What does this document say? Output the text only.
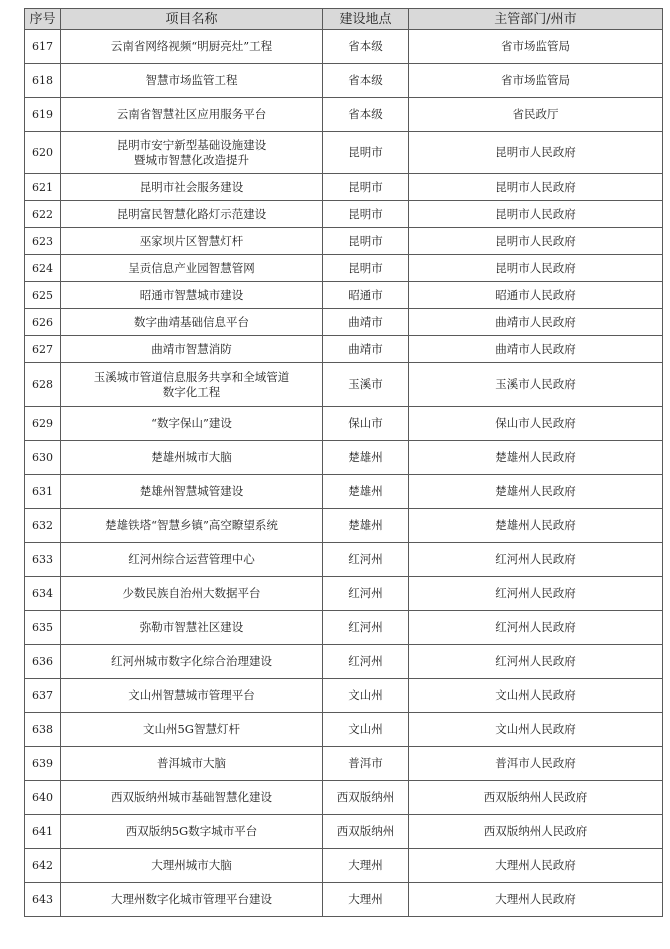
序号	项目名称	建设地点	主管部门/州市
617	云南省网络视频“明厨亮灶”工程	省本级	省市场监管局
618	智慧市场监管工程	省本级	省市场监管局
619	云南省智慧社区应用服务平台	省本级	省民政厅
620	昆明市安宁新型基础设施建设
暨城市智慧化改造提升	昆明市	昆明市人民政府
621	昆明市社会服务建设	昆明市	昆明市人民政府
622	昆明富民智慧化路灯示范建设	昆明市	昆明市人民政府
623	巫家坝片区智慧灯杆	昆明市	昆明市人民政府
624	呈贡信息产业园智慧管网	昆明市	昆明市人民政府
625	昭通市智慧城市建设	昭通市	昭通市人民政府
626	数字曲靖基础信息平台	曲靖市	曲靖市人民政府
627	曲靖市智慧消防	曲靖市	曲靖市人民政府
628	玉溪城市管道信息服务共享和全域管道
数字化工程	玉溪市	玉溪市人民政府
629	“数字保山”建设	保山市	保山市人民政府
630	楚雄州城市大脑	楚雄州	楚雄州人民政府
631	楚雄州智慧城管建设	楚雄州	楚雄州人民政府
632	楚雄铁塔“智慧乡镇”高空瞭望系统	楚雄州	楚雄州人民政府
633	红河州综合运营管理中心	红河州	红河州人民政府
634	少数民族自治州大数据平台	红河州	红河州人民政府
635	弥勒市智慧社区建设	红河州	红河州人民政府
636	红河州城市数字化综合治理建设	红河州	红河州人民政府
637	文山州智慧城市管理平台	文山州	文山州人民政府
638	文山州5G智慧灯杆	文山州	文山州人民政府
639	普洱城市大脑	普洱市	普洱市人民政府
640	西双版纳州城市基础智慧化建设	西双版纳州	西双版纳州人民政府
641	西双版纳5G数字城市平台	西双版纳州	西双版纳州人民政府
642	大理州城市大脑	大理州	大理州人民政府
643	大理州数字化城市管理平台建设	大理州	大理州人民政府
